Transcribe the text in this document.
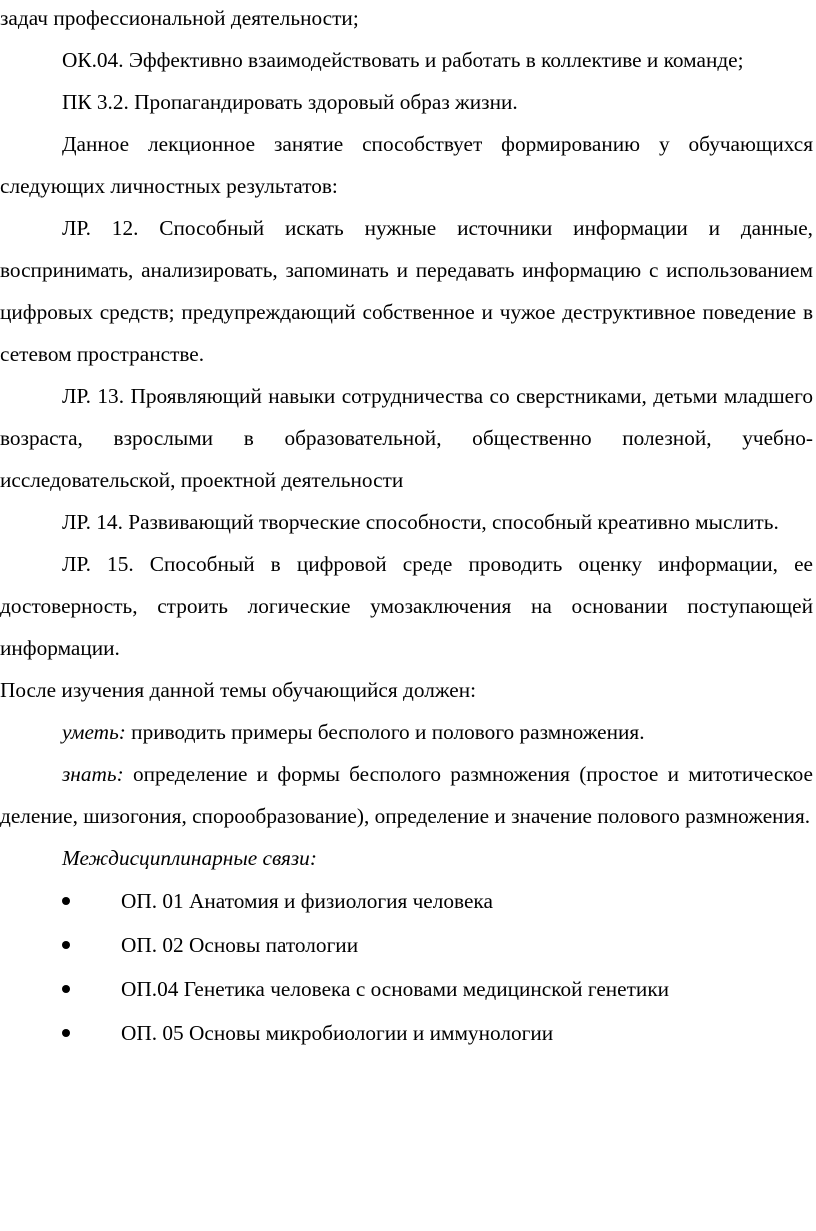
задач профессиональной деятельности;

ОК.04. Эффективно взаимодействовать и работать в коллективе и команде;

ПК 3.2. Пропагандировать здоровый образ жизни.

Данное лекционное занятие способствует формированию у обучающихся следующих личностных результатов:

ЛР. 12. Способный искать нужные источники информации и данные, воспринимать, анализировать, запоминать и передавать информацию с использованием цифровых средств; предупреждающий собственное и чужое деструктивное поведение в сетевом пространстве.

ЛР. 13. Проявляющий навыки сотрудничества со сверстниками, детьми младшего возраста, взрослыми в образовательной, общественно полезной, учебно-исследовательской, проектной деятельности

ЛР. 14. Развивающий творческие способности, способный креативно мыслить.

ЛР. 15. Способный в цифровой среде проводить оценку информации, ее достоверность, строить логические умозаключения на основании поступающей информации.

После изучения данной темы обучающийся должен:

уметь: приводить примеры бесполого и полового размножения.

знать: определение и формы бесполого размножения (простое и митотическое деление, шизогония, спорообразование), определение и значение полового размножения.

Междисциплинарные связи:

ОП. 01 Анатомия и физиология человека
ОП. 02 Основы патологии
ОП.04 Генетика человека с основами медицинской генетики
ОП. 05 Основы микробиологии и иммунологии
